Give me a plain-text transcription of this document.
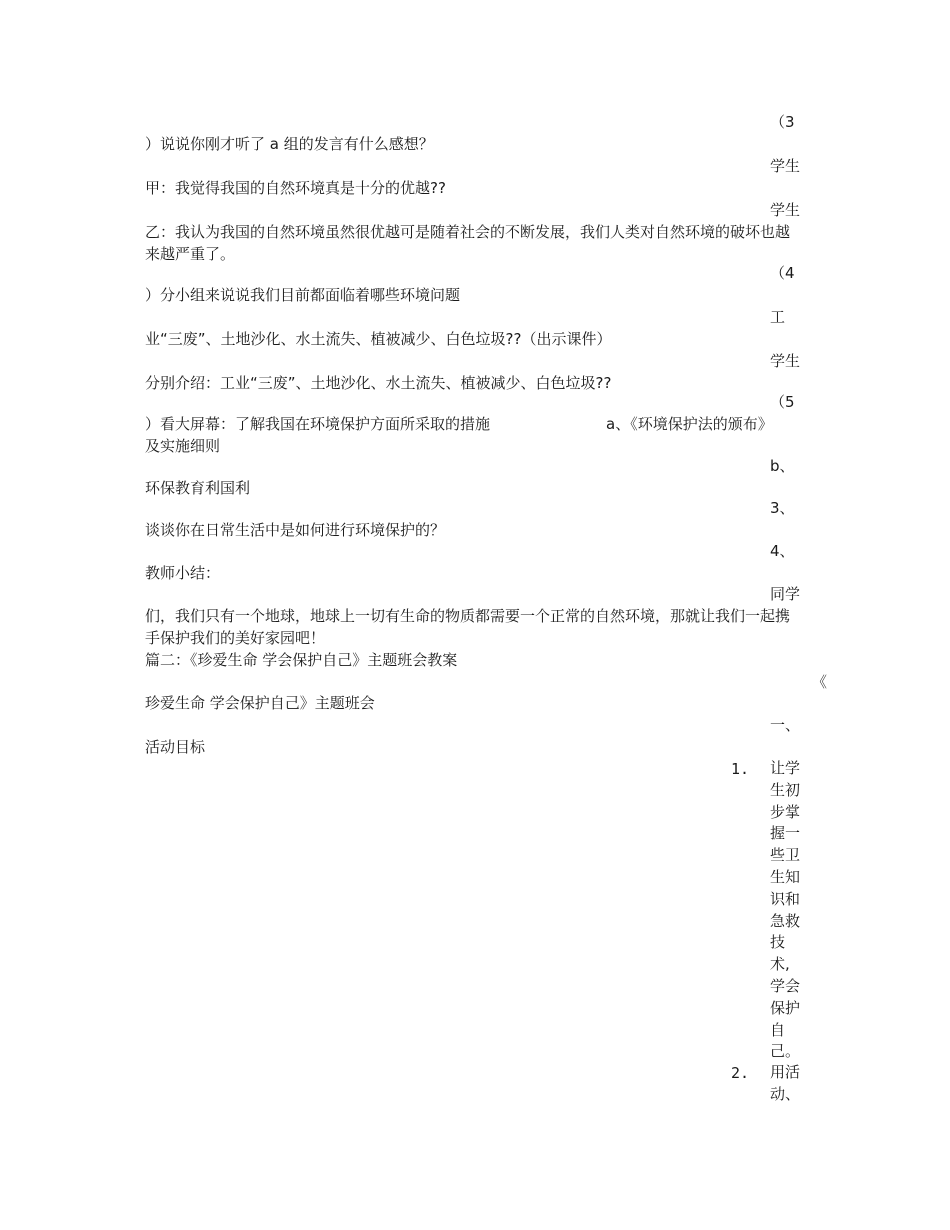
（3
）说说你刚才听了 a 组的发言有什么感想？
学生
甲：我觉得我国的自然环境真是十分的优越??
学生
乙：我认为我国的自然环境虽然很优越可是随着社会的不断发展，我们人类对自然环境的破坏也越来越严重了。
（4
）分小组来说说我们目前都面临着哪些环境问题
工
业“三废”、土地沙化、水土流失、植被减少、白色垃圾??（出示课件）
学生
分别介绍：工业“三废”、土地沙化、水土流失、植被减少、白色垃圾??
（5
）看大屏幕：了解我国在环境保护方面所采取的措施	a、《环境保护法的颁布》
及实施细则
b、
环保教育利国利
3、
谈谈你在日常生活中是如何进行环境保护的？
4、
教师小结：
同学
们，我们只有一个地球，地球上一切有生命的物质都需要一个正常的自然环境，那就让我们一起携手保护我们的美好家园吧！
篇二：《珍爱生命 学会保护自己》主题班会教案
《
珍爱生命 学会保护自己》主题班会
一、
活动目标
1. 让学生初步掌握一些卫生知识和急救技术,学会保护自己。
2. 用活动、
